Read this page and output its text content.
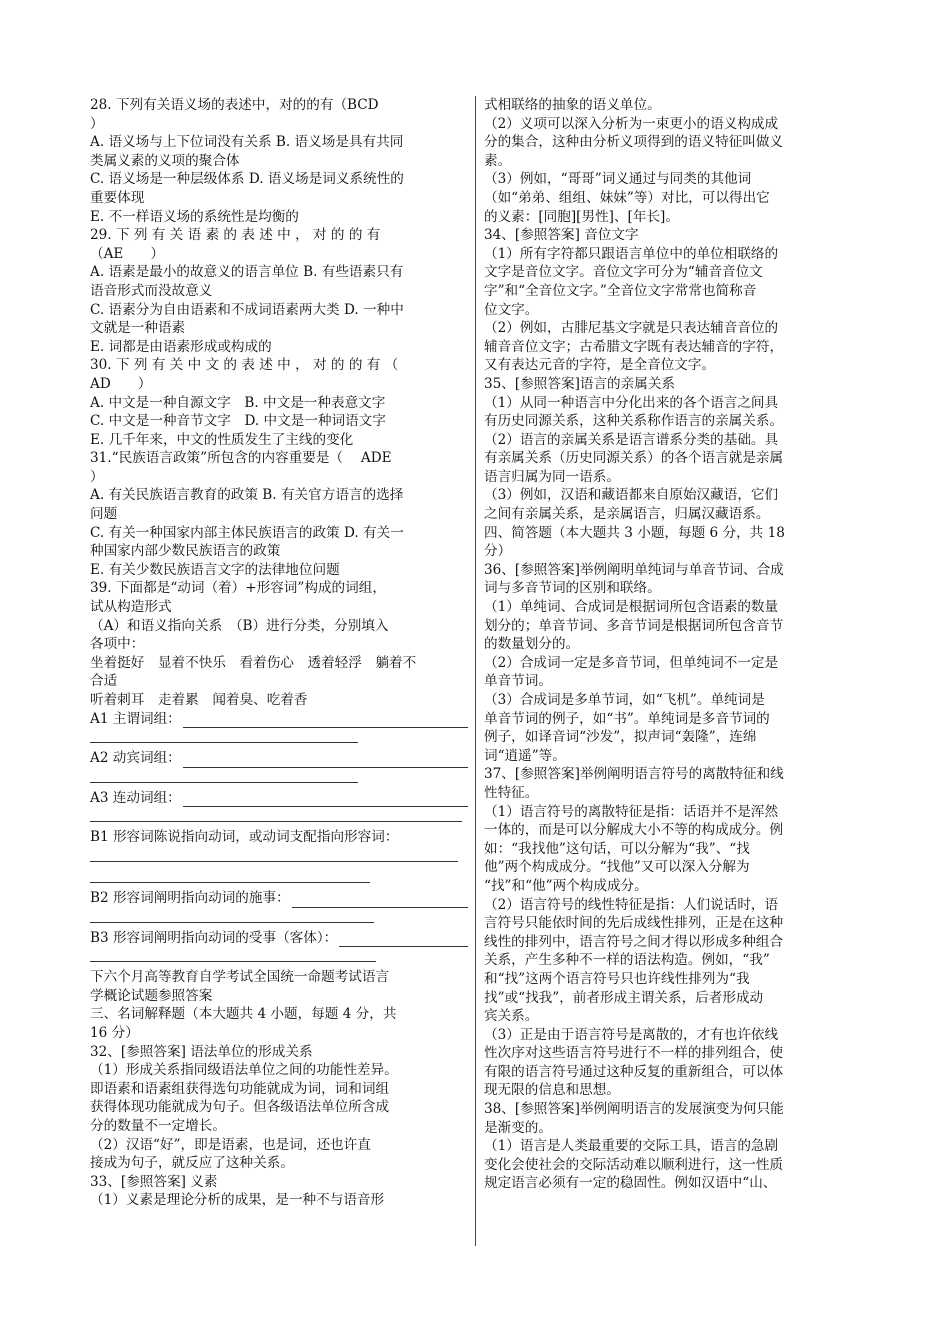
28. 下列有关语义场的表述中，对的的有（BCD
）
A. 语义场与上下位词没有关系 B. 语义场是具有共同
类属义素的义项的聚合体
C. 语义场是一种层级体系 D. 语义场是词义系统性的
重要体现
E. 不一样语义场的系统性是均衡的
29. 下 列 有 关 语 素 的 表 述 中 ， 对 的 的 有
（AE　　）
A. 语素是最小的故意义的语言单位 B. 有些语素只有
语音形式而没故意义
C. 语素分为自由语素和不成词语素两大类 D. 一种中
文就是一种语素
E. 词都是由语素形成或构成的
30. 下 列 有 关 中 文 的 表 述 中 ， 对 的 的 有 （
AD　　）
A. 中文是一种自源文字　B. 中文是一种表意文字
C. 中文是一种音节文字　D. 中文是一种词语文字
E. 几千年来，中文的性质发生了主线的变化
31.“民族语言政策”所包含的内容重要是（　 ADE
）
A. 有关民族语言教育的政策 B. 有关官方语言的选择
问题
C. 有关一种国家内部主体民族语言的政策 D. 有关一
种国家内部少数民族语言的政策
E. 有关少数民族语言文字的法律地位问题
39. 下面都是“动词（着）+形容词”构成的词组，
试从构造形式
（A）和语义指向关系　（B）进行分类，分别填入
各项中：
坐着挺好　显着不快乐　看着伤心　透着轻浮　躺着不
合适
听着刺耳　走着累　闻着臭、吃着香
A1 主谓词组：
A2 动宾词组：
A3 连动词组：
B1 形容词陈说指向动词，或动词支配指向形容词：
B2 形容词阐明指向动词的施事：
B3 形容词阐明指向动词的受事（客体）：
下六个月高等教育自学考试全国统一命题考试语言
学概论试题参照答案
三、名词解释题（本大题共 4 小题，每题 4 分，共
16 分）
32、[参照答案] 语法单位的形成关系
（1）形成关系指同级语法单位之间的功能性差异。
即语素和语素组获得选句功能就成为词，词和词组
获得体现功能就成为句子。但各级语法单位所含成
分的数量不一定增长。
（2）汉语“好”，即是语素，也是词，还也许直
接成为句子，就反应了这种关系。
33、[参照答案] 义素
（1）义素是理论分析的成果，是一种不与语音形
式相联络的抽象的语义单位。
（2）义项可以深入分析为一束更小的语义构成成
分的集合，这种由分析义项得到的语义特征叫做义
素。
（3）例如，“哥哥”词义通过与同类的其他词
（如“弟弟、组组、妹妹”等）对比，可以得出它
的义素：[同胞][男性]、[年长]。
34、[参照答案] 音位文字
（1）所有字符都只跟语言单位中的单位相联络的
文字是音位文字。音位文字可分为“辅音音位文
字”和“全音位文字。”全音位文字常常也简称音
位文字。
（2）例如，古腓尼基文字就是只表达辅音音位的
辅音音位文字；古希腊文字既有表达辅音的字符，
又有表达元音的字符，是全音位文字。
35、[参照答案]语言的亲属关系
（1）从同一种语言中分化出来的各个语言之间具
有历史同源关系，这种关系称作语言的亲属关系。
（2）语言的亲属关系是语言谱系分类的基础。具
有亲属关系（历史同源关系）的各个语言就是亲属
语言归属为同一语系。
（3）例如，汉语和藏语都来自原始汉藏语，它们
之间有亲属关系，是亲属语言，归属汉藏语系。
四、简答题（本大题共 3 小题，每题 6 分，共 18
分）
36、[参照答案]举例阐明单纯词与单音节词、合成
词与多音节词的区别和联络。
（1）单纯词、合成词是根据词所包含语素的数量
划分的；单音节词、多音节词是根据词所包含音节
的数量划分的。
（2）合成词一定是多音节词，但单纯词不一定是
单音节词。
（3）合成词是多单节词，如“飞机”。单纯词是
单音节词的例子，如“书”。单纯词是多音节词的
例子，如译音词“沙发”，拟声词“轰隆”，连绵
词“逍遥”等。
37、[参照答案]举例阐明语言符号的离散特征和线
性特征。
（1）语言符号的离散特征是指：话语并不是浑然
一体的，而是可以分解成大小不等的构成成分。例
如：“我找他”这句话，可以分解为“我”、“找
他”两个构成成分。“找他”又可以深入分解为
“找”和“他”两个构成成分。
（2）语言符号的线性特征是指：人们说话时，语
言符号只能依时间的先后成线性排列，正是在这种
线性的排列中，语言符号之间才得以形成多种组合
关系，产生多种不一样的语法构造。例如，“我”
和“找”这两个语言符号只也许线性排列为“我
找”或“找我”，前者形成主谓关系，后者形成动
宾关系。
（3）正是由于语言符号是离散的，才有也许依线
性次序对这些语言符号进行不一样的排列组合，使
有限的语言符号通过这种反复的重新组合，可以体
现无限的信息和思想。
38、[参照答案]举例阐明语言的发展演变为何只能
是渐变的。
（1）语言是人类最重要的交际工具，语言的急剧
变化会使社会的交际活动难以顺利进行，这一性质
规定语言必须有一定的稳固性。例如汉语中“山、
